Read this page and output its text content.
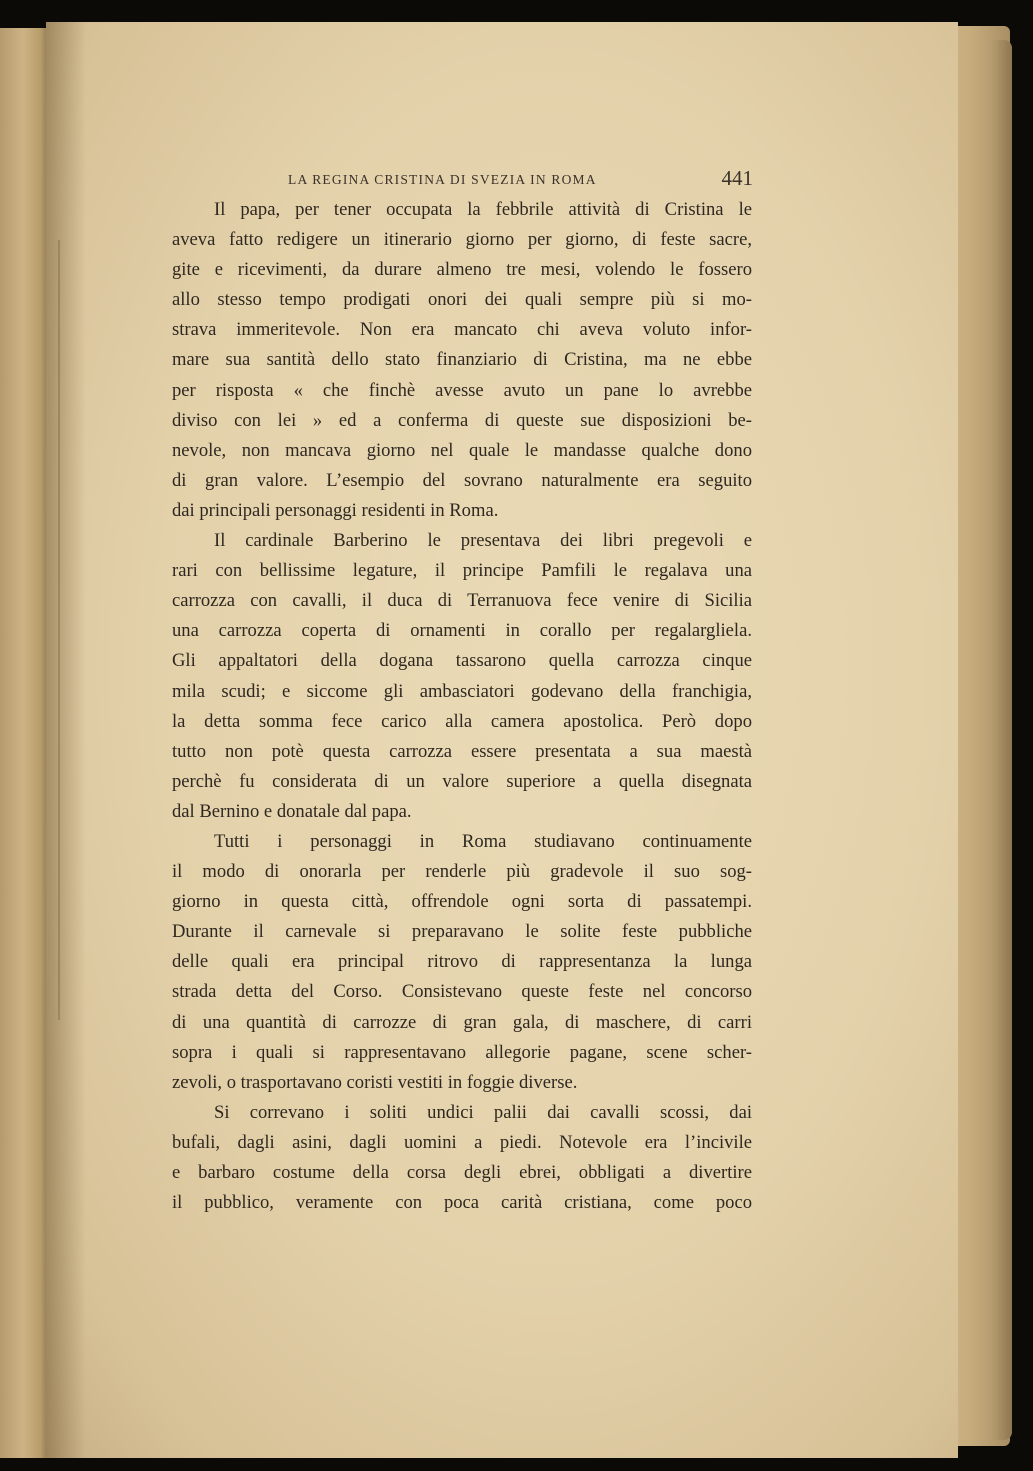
LA REGINA CRISTINA DI SVEZIA IN ROMA	441

Il papa, per tener occupata la febbrile attività di Cristina le

aveva fatto redigere un itinerario giorno per giorno, di feste sacre,

gite e ricevimenti, da durare almeno tre mesi, volendo le fossero

allo stesso tempo prodigati onori dei quali sempre più si mo-

strava immeritevole. Non era mancato chi aveva voluto infor-

mare sua santità dello stato finanziario di Cristina, ma ne ebbe

per risposta « che finchè avesse avuto un pane lo avrebbe

diviso con lei » ed a conferma di queste sue disposizioni be-

nevole, non mancava giorno nel quale le mandasse qualche dono

di gran valore. L’esempio del sovrano naturalmente era seguito

dai principali personaggi residenti in Roma.

Il cardinale Barberino le presentava dei libri pregevoli e

rari con bellissime legature, il principe Pamfili le regalava una

carrozza con cavalli, il duca di Terranuova fece venire di Sicilia

una carrozza coperta di ornamenti in corallo per regalargliela.

Gli appaltatori della dogana tassarono quella carrozza cinque

mila scudi; e siccome gli ambasciatori godevano della franchigia,

la detta somma fece carico alla camera apostolica. Però dopo

tutto non potè questa carrozza essere presentata a sua maestà

perchè fu considerata di un valore superiore a quella disegnata

dal Bernino e donatale dal papa.

Tutti i personaggi in Roma studiavano continuamente

il modo di onorarla per renderle più gradevole il suo sog-

giorno in questa città, offrendole ogni sorta di passatempi.

Durante il carnevale si preparavano le solite feste pubbliche

delle quali era principal ritrovo di rappresentanza la lunga

strada detta del Corso. Consistevano queste feste nel concorso

di una quantità di carrozze di gran gala, di maschere, di carri

sopra i quali si rappresentavano allegorie pagane, scene scher-

zevoli, o trasportavano coristi vestiti in foggie diverse.

Si correvano i soliti undici palii dai cavalli scossi, dai

bufali, dagli asini, dagli uomini a piedi. Notevole era l’incivile

e barbaro costume della corsa degli ebrei, obbligati a divertire

il pubblico, veramente con poca carità cristiana, come poco
